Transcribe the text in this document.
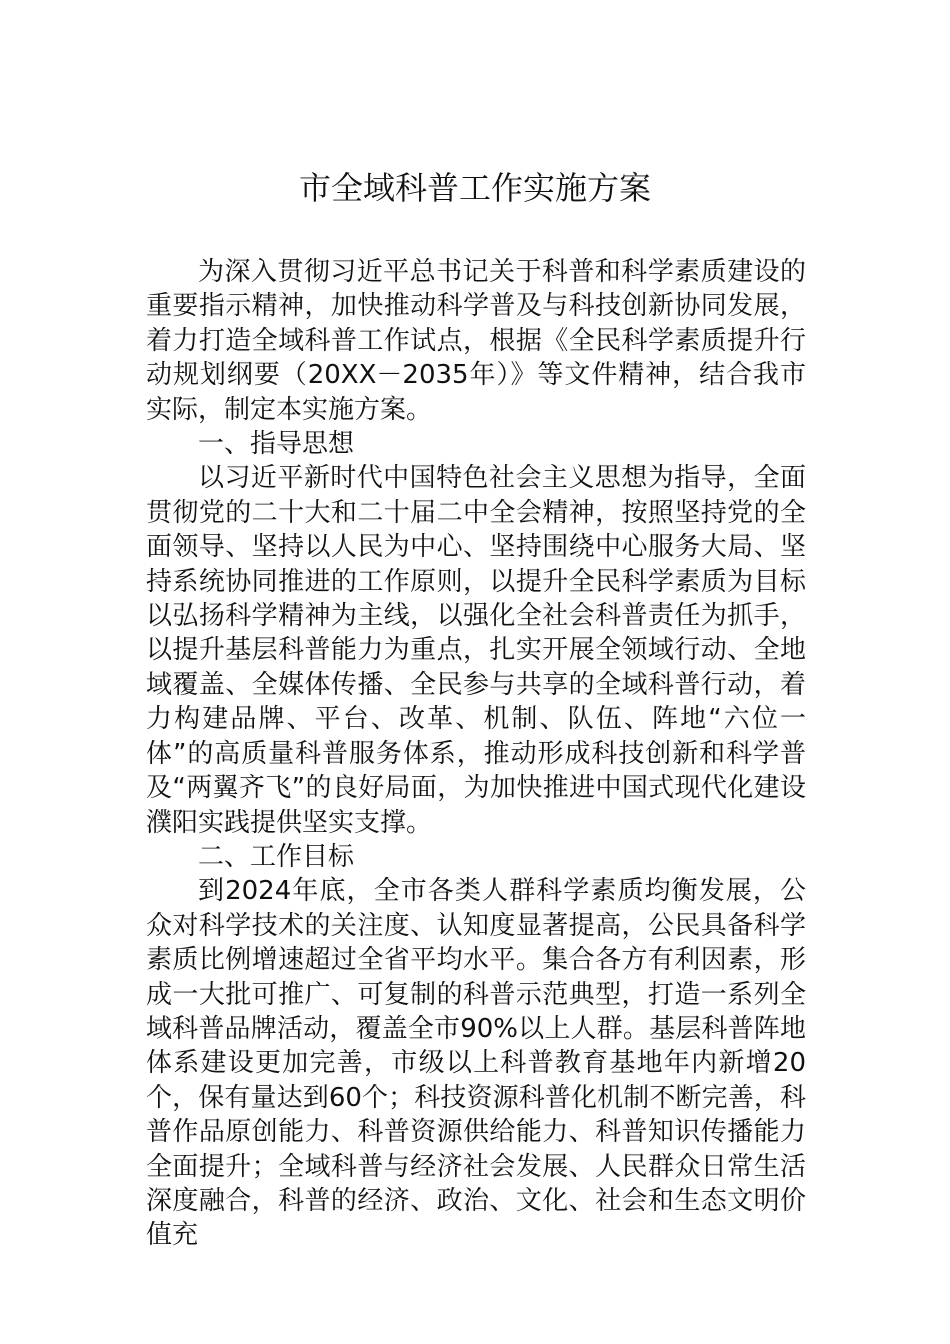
市全域科普工作实施方案

为深入贯彻习近平总书记关于科普和科学素质建设的重要指示精神，加快推动科学普及与科技创新协同发展，着力打造全域科普工作试点，根据《全民科学素质提升行动规划纲要（20XX－2035年）》等文件精神，结合我市实际，制定本实施方案。

一、指导思想

以习近平新时代中国特色社会主义思想为指导，全面贯彻党的二十大和二十届二中全会精神，按照坚持党的全面领导、坚持以人民为中心、坚持围绕中心服务大局、坚持系统协同推进的工作原则，以提升全民科学素质为目标以弘扬科学精神为主线，以强化全社会科普责任为抓手，以提升基层科普能力为重点，扎实开展全领域行动、全地域覆盖、全媒体传播、全民参与共享的全域科普行动，着力构建品牌、平台、改革、机制、队伍、阵地“六位一体”的高质量科普服务体系，推动形成科技创新和科学普及“两翼齐飞”的良好局面，为加快推进中国式现代化建设濮阳实践提供坚实支撑。

二、工作目标

到2024年底，全市各类人群科学素质均衡发展，公众对科学技术的关注度、认知度显著提高，公民具备科学素质比例增速超过全省平均水平。集合各方有利因素，形成一大批可推广、可复制的科普示范典型，打造一系列全域科普品牌活动，覆盖全市90%以上人群。基层科普阵地体系建设更加完善，市级以上科普教育基地年内新增20个，保有量达到60个；科技资源科普化机制不断完善，科普作品原创能力、科普资源供给能力、科普知识传播能力全面提升；全域科普与经济社会发展、人民群众日常生活深度融合，科普的经济、政治、文化、社会和生态文明价值充
